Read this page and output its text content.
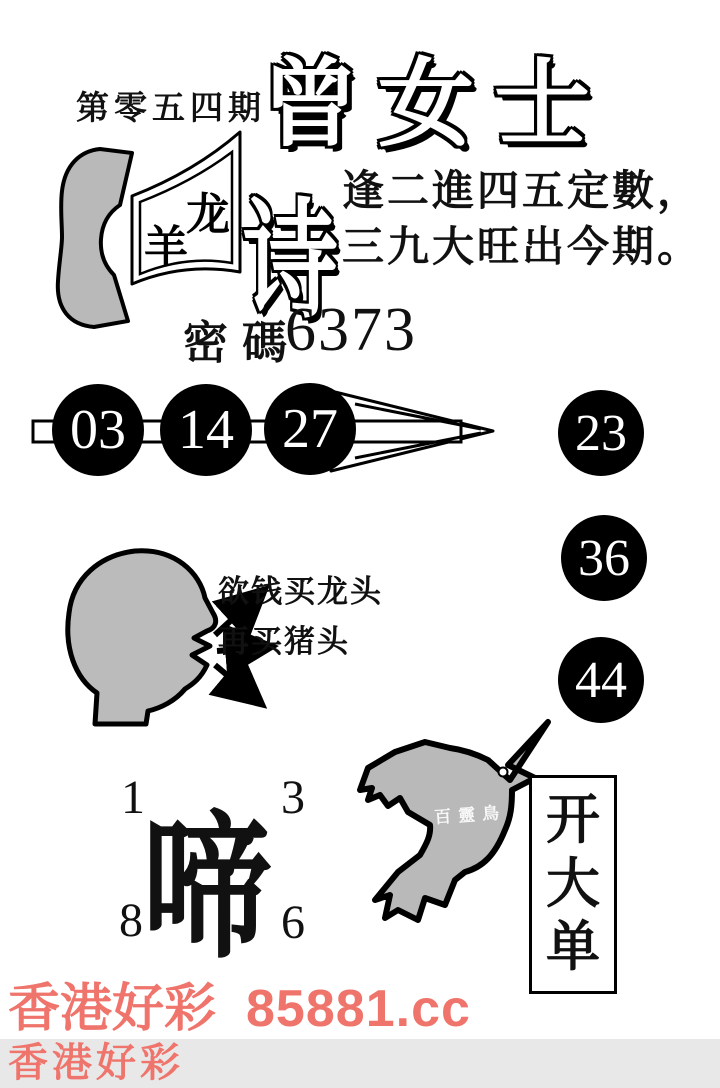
第零五四期
曾女士
龙
羊 诗 逢二進四五定數，
三九大旺出今期。
密碼
6373
03 14 27	23
36
44
欲钱买龙头
再买猪头
啼
1	3
8	6
百靈鳥 开
大
单
香港好彩 85881.cc
香港好彩
